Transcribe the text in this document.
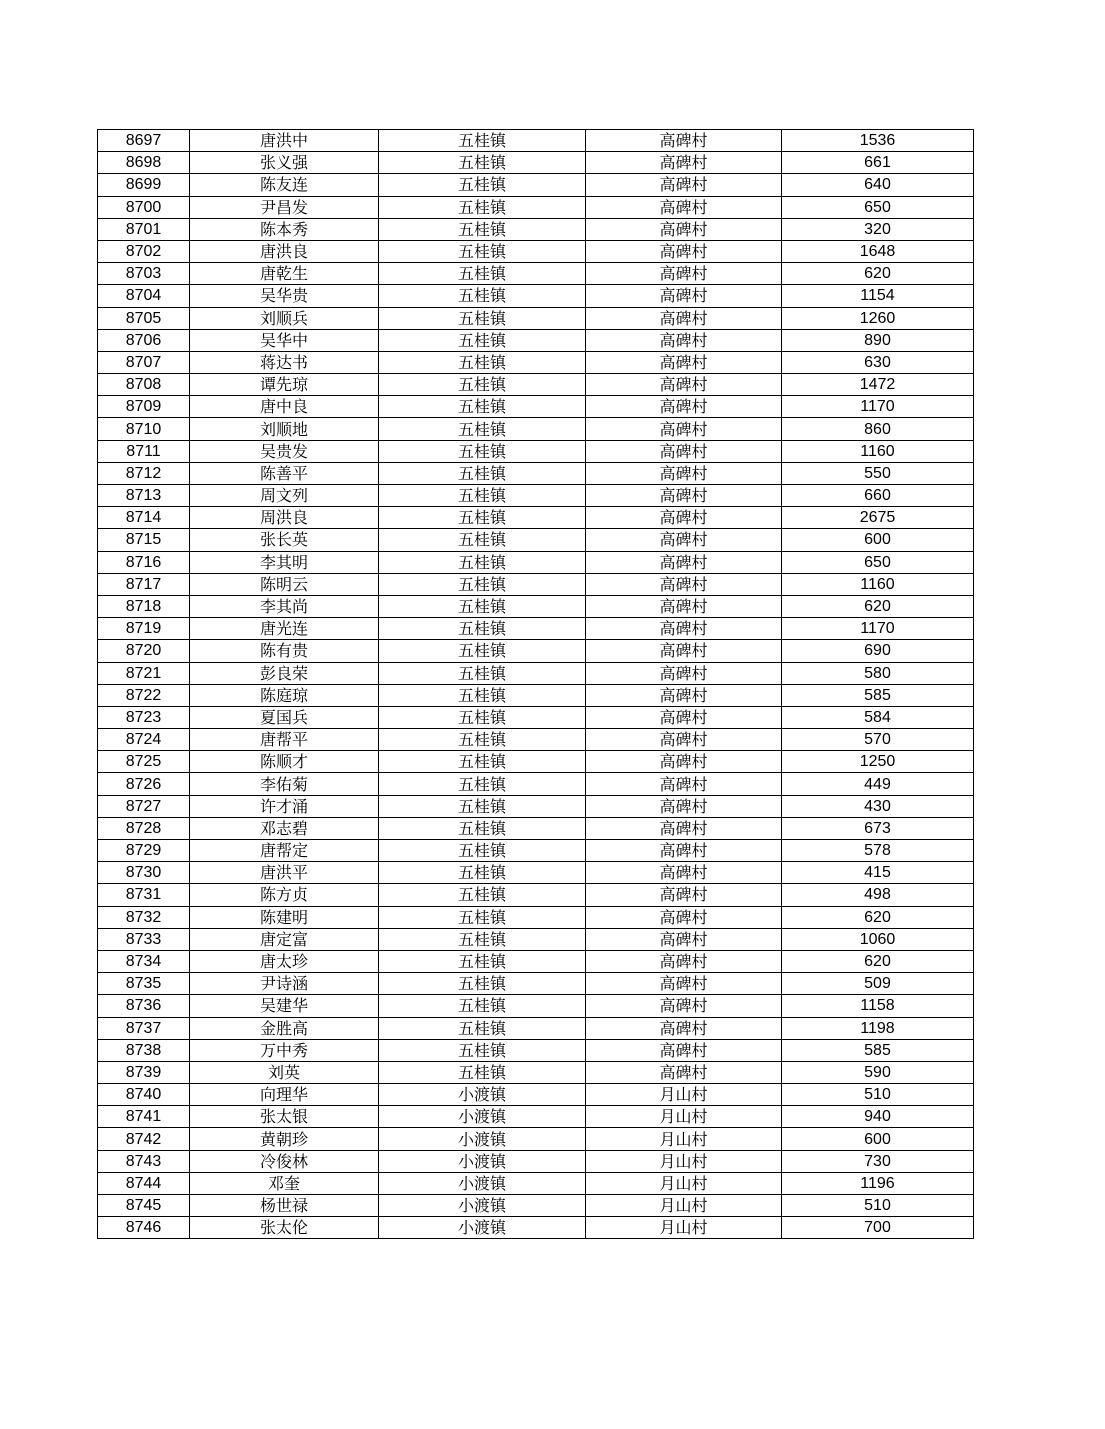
8697	唐洪中	五桂镇	高碑村	1536
8698	张义强	五桂镇	高碑村	661
8699	陈友连	五桂镇	高碑村	640
8700	尹昌发	五桂镇	高碑村	650
8701	陈本秀	五桂镇	高碑村	320
8702	唐洪良	五桂镇	高碑村	1648
8703	唐乾生	五桂镇	高碑村	620
8704	吴华贵	五桂镇	高碑村	1154
8705	刘顺兵	五桂镇	高碑村	1260
8706	吴华中	五桂镇	高碑村	890
8707	蒋达书	五桂镇	高碑村	630
8708	谭先琼	五桂镇	高碑村	1472
8709	唐中良	五桂镇	高碑村	1170
8710	刘顺地	五桂镇	高碑村	860
8711	吴贵发	五桂镇	高碑村	1160
8712	陈善平	五桂镇	高碑村	550
8713	周文列	五桂镇	高碑村	660
8714	周洪良	五桂镇	高碑村	2675
8715	张长英	五桂镇	高碑村	600
8716	李其明	五桂镇	高碑村	650
8717	陈明云	五桂镇	高碑村	1160
8718	李其尚	五桂镇	高碑村	620
8719	唐光连	五桂镇	高碑村	1170
8720	陈有贵	五桂镇	高碑村	690
8721	彭良荣	五桂镇	高碑村	580
8722	陈庭琼	五桂镇	高碑村	585
8723	夏国兵	五桂镇	高碑村	584
8724	唐帮平	五桂镇	高碑村	570
8725	陈顺才	五桂镇	高碑村	1250
8726	李佑菊	五桂镇	高碑村	449
8727	许才涌	五桂镇	高碑村	430
8728	邓志碧	五桂镇	高碑村	673
8729	唐帮定	五桂镇	高碑村	578
8730	唐洪平	五桂镇	高碑村	415
8731	陈方贞	五桂镇	高碑村	498
8732	陈建明	五桂镇	高碑村	620
8733	唐定富	五桂镇	高碑村	1060
8734	唐太珍	五桂镇	高碑村	620
8735	尹诗涵	五桂镇	高碑村	509
8736	吴建华	五桂镇	高碑村	1158
8737	金胜高	五桂镇	高碑村	1198
8738	万中秀	五桂镇	高碑村	585
8739	刘英	五桂镇	高碑村	590
8740	向理华	小渡镇	月山村	510
8741	张太银	小渡镇	月山村	940
8742	黄朝珍	小渡镇	月山村	600
8743	冷俊林	小渡镇	月山村	730
8744	邓奎	小渡镇	月山村	1196
8745	杨世禄	小渡镇	月山村	510
8746	张太伦	小渡镇	月山村	700
